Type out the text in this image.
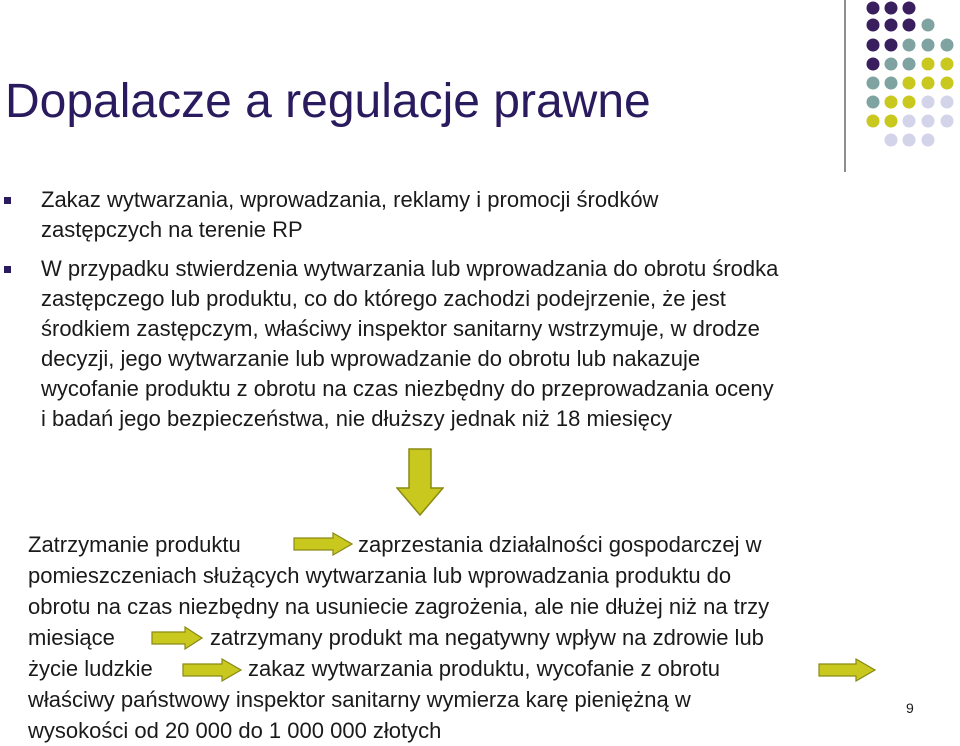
Dopalacze a regulacje prawne
Zakaz wytwarzania, wprowadzania, reklamy i promocji środków
zastępczych na terenie RP
W przypadku stwierdzenia wytwarzania lub wprowadzania do obrotu środka
zastępczego lub produktu, co do którego zachodzi podejrzenie, że jest
środkiem zastępczym, właściwy inspektor sanitarny wstrzymuje, w drodze
decyzji, jego wytwarzanie lub wprowadzanie do obrotu lub nakazuje
wycofanie produktu z obrotu na czas niezbędny do przeprowadzania oceny
i badań jego bezpieczeństwa, nie dłuższy jednak niż 18 miesięcy
Zatrzymanie produktu	zaprzestania działalności gospodarczej w
pomieszczeniach służących wytwarzania lub wprowadzania produktu do
obrotu na czas niezbędny na usuniecie zagrożenia, ale nie dłużej niż na trzy
miesiące	zatrzymany produkt ma negatywny wpływ na zdrowie lub
życie ludzkie	zakaz wytwarzania produktu, wycofanie z obrotu
właściwy państwowy inspektor sanitarny wymierza karę pieniężną w
wysokości od 20 000 do 1 000 000 złotych
9
